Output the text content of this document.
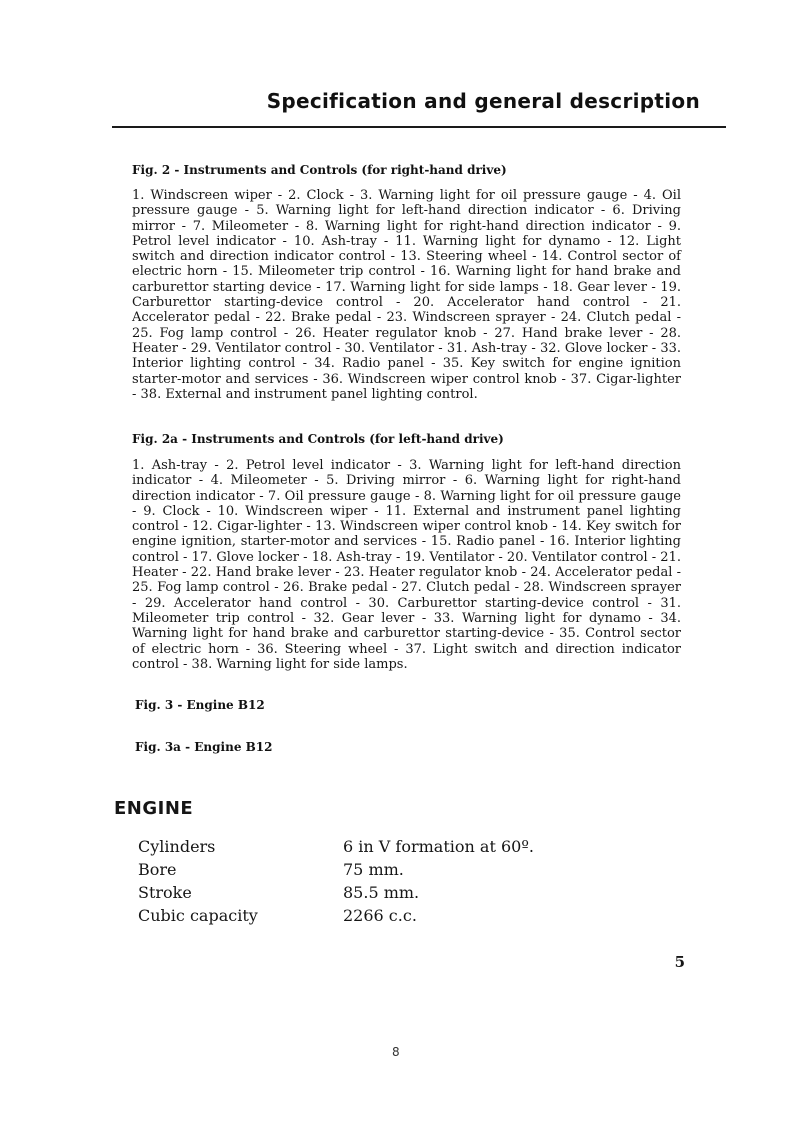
Specification and general description
Fig. 2 - Instruments and Controls (for right-hand drive)
1. Windscreen wiper - 2. Clock - 3. Warning light for oil pressure gauge - 4. Oil pressure gauge - 5. Warning light for left-hand direction indicator - 6. Driving mirror - 7. Mileometer - 8. Warning light for right-hand direction indicator - 9. Petrol level indicator - 10. Ash-tray - 11. Warning light for dynamo - 12. Light switch and direction indicator control - 13. Steering wheel - 14. Control sector of electric horn - 15. Mileometer trip control - 16. Warning light for hand brake and carburettor starting device - 17. Warning light for side lamps - 18. Gear lever - 19. Carburettor starting-device control - 20. Accelerator hand control - 21. Accelerator pedal - 22. Brake pedal - 23. Windscreen sprayer - 24. Clutch pedal - 25. Fog lamp control - 26. Heater regulator knob - 27. Hand brake lever - 28. Heater - 29. Ventilator control - 30. Ventilator - 31. Ash-tray - 32. Glove locker - 33. Interior lighting control - 34. Radio panel - 35. Key switch for engine ignition starter-motor and services - 36. Windscreen wiper control knob - 37. Cigar-lighter - 38. External and instrument panel lighting control.
Fig. 2a - Instruments and Controls (for left-hand drive)
1. Ash-tray - 2. Petrol level indicator - 3. Warning light for left-hand direction indicator - 4. Mileometer - 5. Driving mirror - 6. Warning light for right-hand direction indicator - 7. Oil pressure gauge - 8. Warning light for oil pressure gauge - 9. Clock - 10. Windscreen wiper - 11. External and instrument panel lighting control - 12. Cigar-lighter - 13. Windscreen wiper control knob - 14. Key switch for engine ignition, starter-motor and services - 15. Radio panel - 16. Interior lighting control - 17. Glove locker - 18. Ash-tray - 19. Ventilator - 20. Ventilator control - 21. Heater - 22. Hand brake lever - 23. Heater regulator knob - 24. Accelerator pedal - 25. Fog lamp control - 26. Brake pedal - 27. Clutch pedal - 28. Windscreen sprayer - 29. Accelerator hand control - 30. Carburettor starting-device control - 31. Mileometer trip control - 32. Gear lever - 33. Warning light for dynamo - 34. Warning light for hand brake and carburettor starting-device - 35. Control sector of electric horn - 36. Steering wheel - 37. Light switch and direction indicator control - 38. Warning light for side lamps.
Fig. 3 - Engine B12
Fig. 3a - Engine B12
ENGINE
Cylinders	6 in V formation at 60º.
Bore	75 mm.
Stroke	85.5 mm.
Cubic capacity	2266 c.c.
5
8
